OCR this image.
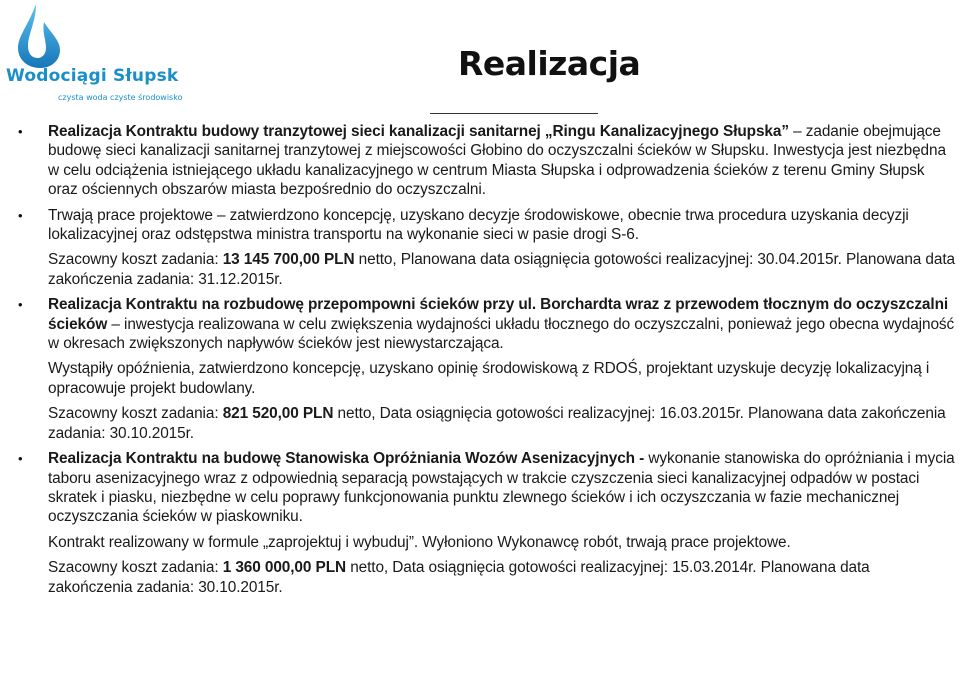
Wodociągi Słupsk
czysta woda czyste środowisko
Realizacja
• Realizacja Kontraktu budowy tranzytowej sieci kanalizacji sanitarnej „Ringu Kanalizacyjnego Słupska” – zadanie obejmujące budowę sieci kanalizacji sanitarnej tranzytowej z miejscowości Głobino do oczyszczalni ścieków w Słupsku. Inwestycja jest niezbędna w celu odciążenia istniejącego układu kanalizacyjnego w centrum Miasta Słupska i odprowadzenia ścieków z terenu Gminy Słupsk oraz ościennych obszarów miasta bezpośrednio do oczyszczalni.

• Trwają prace projektowe – zatwierdzono koncepcję, uzyskano decyzje środowiskowe, obecnie trwa procedura uzyskania decyzji lokalizacyjnej oraz odstępstwa ministra transportu na wykonanie sieci w pasie drogi S-6.

Szacowny koszt zadania: 13 145 700,00 PLN netto, Planowana data osiągnięcia gotowości realizacyjnej: 30.04.2015r. Planowana data zakończenia zadania: 31.12.2015r.

• Realizacja Kontraktu na rozbudowę przepompowni ścieków przy ul. Borchardta wraz z przewodem tłocznym do oczyszczalni ścieków – inwestycja realizowana w celu zwiększenia wydajności układu tłocznego do oczyszczalni, ponieważ jego obecna wydajność w okresach zwiększonych napływów ścieków jest niewystarczająca.

Wystąpiły opóźnienia, zatwierdzono koncepcję, uzyskano opinię środowiskową z RDOŚ, projektant uzyskuje decyzję lokalizacyjną i opracowuje projekt budowlany.

Szacowny koszt zadania: 821 520,00 PLN netto, Data osiągnięcia gotowości realizacyjnej: 16.03.2015r. Planowana data zakończenia zadania: 30.10.2015r.

• Realizacja Kontraktu na budowę Stanowiska Opróżniania Wozów Asenizacyjnych - wykonanie stanowiska do opróżniania i mycia taboru asenizacyjnego wraz z odpowiednią separacją powstających w trakcie czyszczenia sieci kanalizacyjnej odpadów w postaci skratek i piasku, niezbędne w celu poprawy funkcjonowania punktu zlewnego ścieków i ich oczyszczania w fazie mechanicznej oczyszczania ścieków w piaskowniku.

Kontrakt realizowany w formule „zaprojektuj i wybuduj”. Wyłoniono Wykonawcę robót, trwają prace projektowe.

Szacowny koszt zadania: 1 360 000,00 PLN netto, Data osiągnięcia gotowości realizacyjnej: 15.03.2014r. Planowana data zakończenia zadania: 30.10.2015r.
